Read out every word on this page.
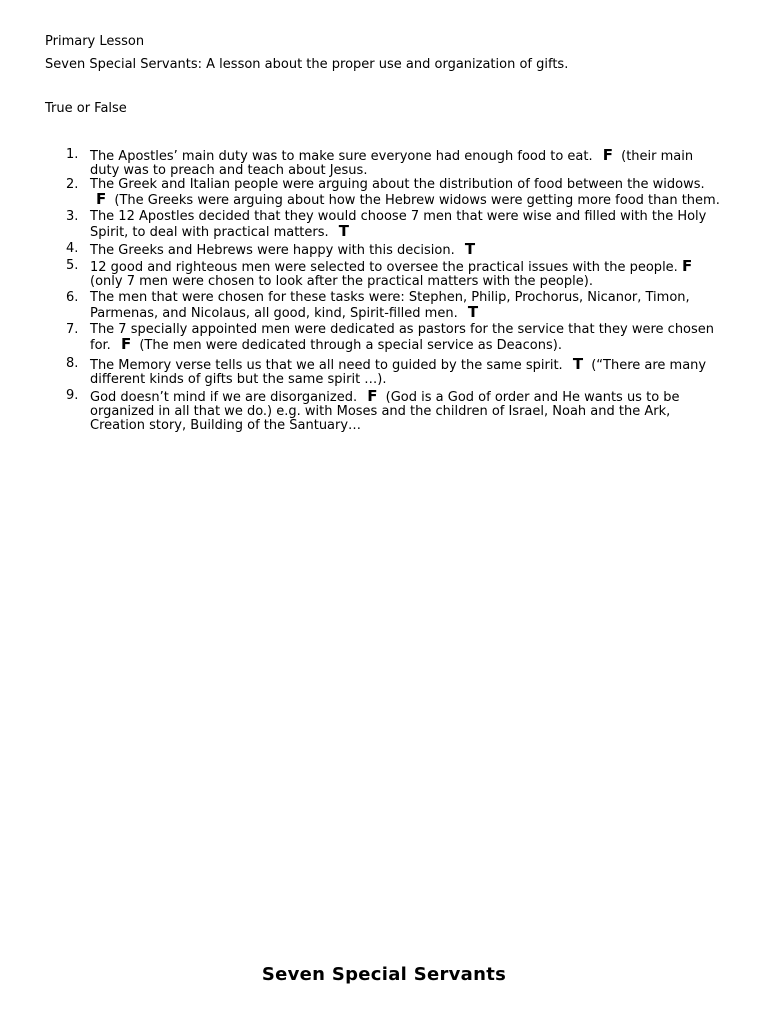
Primary Lesson
Seven Special Servants: A lesson about the proper use and organization of gifts.
True or False
1. The Apostles’ main duty was to make sure everyone had enough food to eat. F (their main duty was to preach and teach about Jesus.
2. The Greek and Italian people were arguing about the distribution of food between the widows. F (The Greeks were arguing about how the Hebrew widows were getting more food than them.
3. The 12 Apostles decided that they would choose 7 men that were wise and filled with the Holy Spirit, to deal with practical matters. T
4. The Greeks and Hebrews were happy with this decision. T
5. 12 good and righteous men were selected to oversee the practical issues with the people. F (only 7 men were chosen to look after the practical matters with the people).
6. The men that were chosen for these tasks were: Stephen, Philip, Prochorus, Nicanor, Timon, Parmenas, and Nicolaus, all good, kind, Spirit-filled men. T
7. The 7 specially appointed men were dedicated as pastors for the service that they were chosen for. F (The men were dedicated through a special service as Deacons).
8. The Memory verse tells us that we all need to guided by the same spirit. T (“There are many different kinds of gifts but the same spirit …).
9. God doesn’t mind if we are disorganized. F (God is a God of order and He wants us to be organized in all that we do.) e.g. with Moses and the children of Israel, Noah and the Ark, Creation story, Building of the Santuary…
Seven Special Servants
